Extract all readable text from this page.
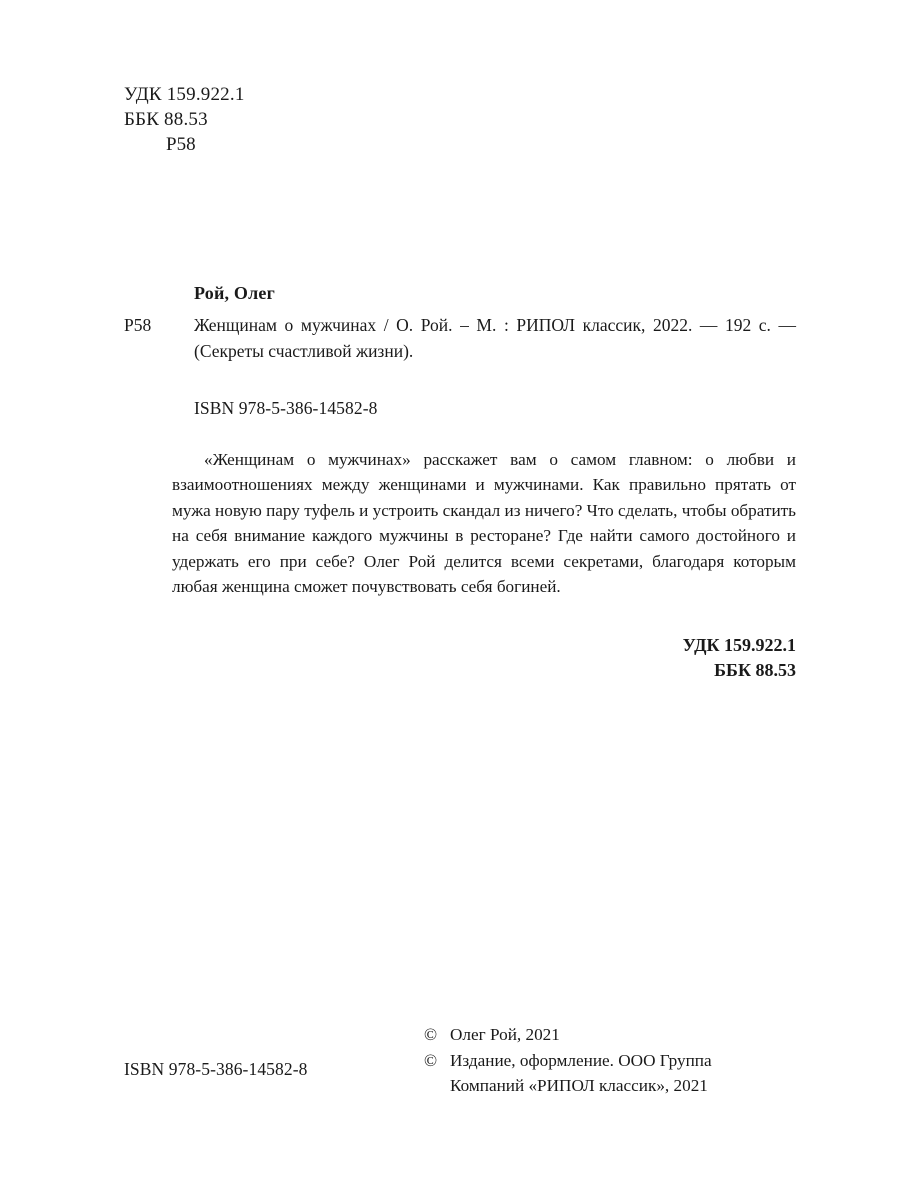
УДК 159.922.1
ББК 88.53
Р58
Рой, Олег
Р58	Женщинам о мужчинах / О. Рой. – М. : РИПОЛ классик, 2022. — 192 с. — (Секреты счастливой жизни).
ISBN 978-5-386-14582-8
«Женщинам о мужчинах» расскажет вам о самом главном: о любви и взаимоотношениях между женщинами и мужчинами. Как правильно прятать от мужа новую пару туфель и устроить скандал из ничего? Что сделать, чтобы обратить на себя внимание каждого мужчины в ресторане? Где найти самого достойного и удержать его при себе? Олег Рой делится всеми секретами, благодаря которым любая женщина сможет почувствовать себя богиней.
УДК 159.922.1
ББК 88.53
© Олег Рой, 2021
© Издание, оформление. ООО Группа
Компаний «РИПОЛ классик», 2021
ISBN 978-5-386-14582-8
